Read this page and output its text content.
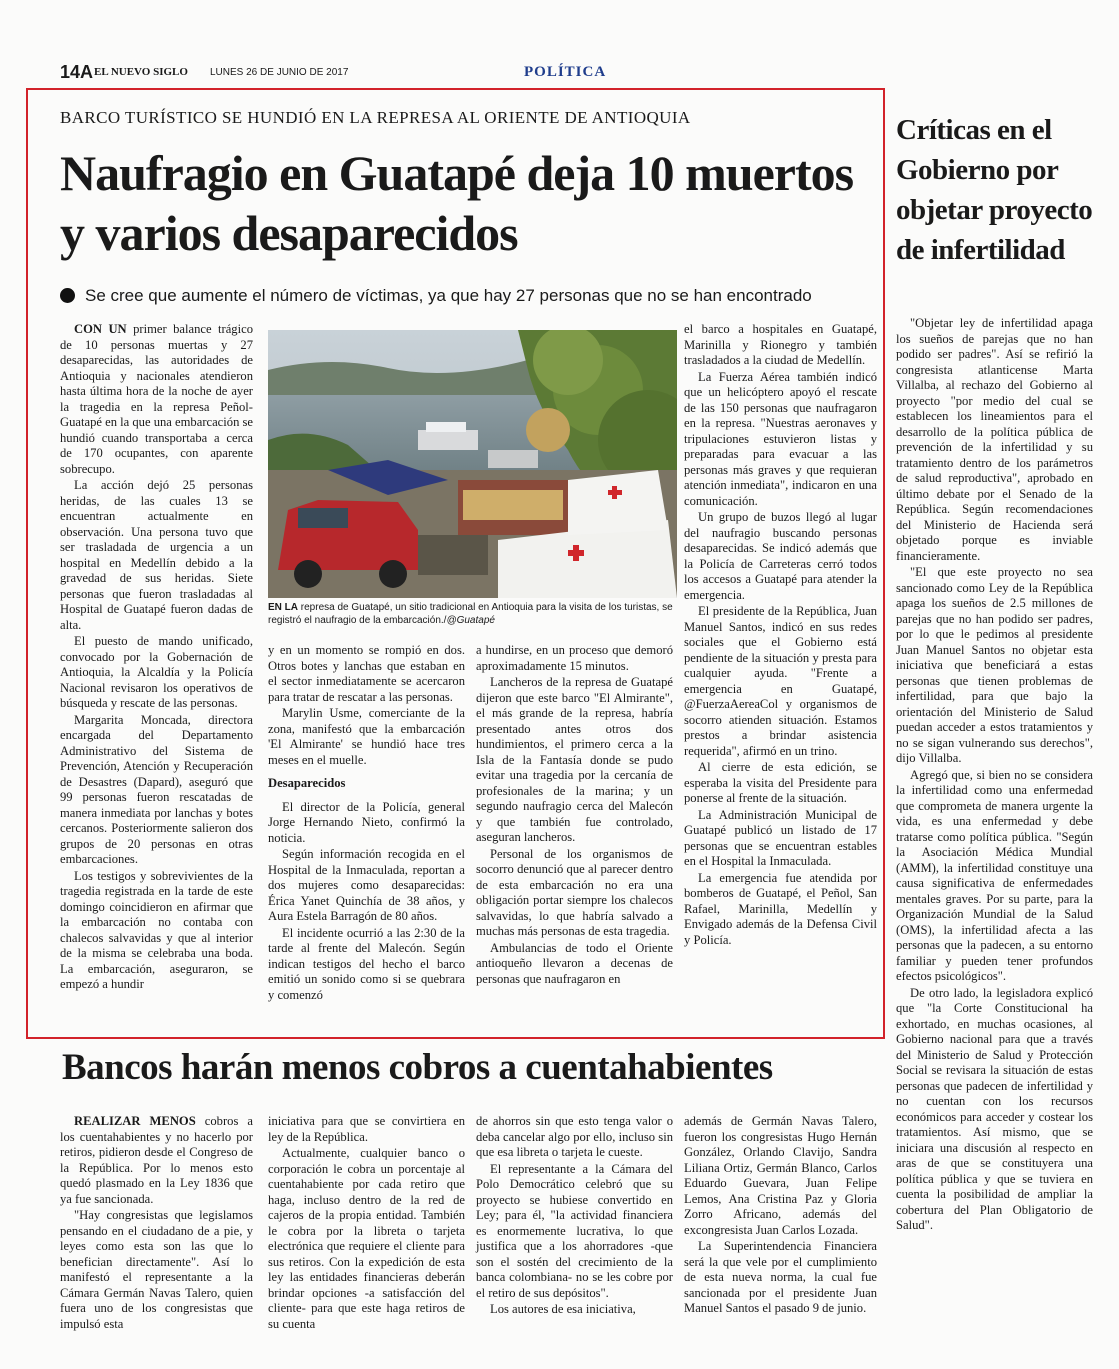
14A EL NUEVO SIGLO LUNES 26 DE JUNIO DE 2017	POLÍTICA
BARCO TURÍSTICO SE HUNDIÓ EN LA REPRESA AL ORIENTE DE ANTIOQUIA
Naufragio en Guatapé deja 10 muertos y varios desaparecidos
Se cree que aumente el número de víctimas, ya que hay 27 personas que no se han encontrado

CON UN primer balance trágico de 10 personas muertas y 27 desaparecidas, las autoridades de Antioquia y nacionales atendieron hasta última hora de la noche de ayer la tragedia en la represa Peñol-Guatapé en la que una embarcación se hundió cuando transportaba a cerca de 170 ocupantes, con aparente sobrecupo.

La acción dejó 25 personas heridas, de las cuales 13 se encuentran actualmente en observación. Una persona tuvo que ser trasladada de urgencia a un hospital en Medellín debido a la gravedad de sus heridas. Siete personas que fueron trasladadas al Hospital de Guatapé fueron dadas de alta.

El puesto de mando unificado, convocado por la Gobernación de Antioquia, la Alcaldía y la Policía Nacional revisaron los operativos de búsqueda y rescate de las personas.

Margarita Moncada, directora encargada del Departamento Administrativo del Sistema de Prevención, Atención y Recuperación de Desastres (Dapard), aseguró que 99 personas fueron rescatadas de manera inmediata por lanchas y botes cercanos. Posteriormente salieron dos grupos de 20 personas en otras embarcaciones.

Los testigos y sobrevivientes de la tragedia registrada en la tarde de este domingo coincidieron en afirmar que la embarcación no contaba con chalecos salvavidas y que al interior de la misma se celebraba una boda. La embarcación, aseguraron, se empezó a hundir

EN LA represa de Guatapé, un sitio tradicional en Antioquia para la visita de los turistas, se registró el naufragio de la embarcación./@Guatapé

y en un momento se rompió en dos. Otros botes y lanchas que estaban en el sector inmediatamente se acercaron para tratar de rescatar a las personas.

Marylin Usme, comerciante de la zona, manifestó que la embarcación 'El Almirante' se hundió hace tres meses en el muelle.

Desaparecidos

El director de la Policía, general Jorge Hernando Nieto, confirmó la noticia.

Según información recogida en el Hospital de la Inmaculada, reportan a dos mujeres como desaparecidas: Érica Yanet Quinchía de 38 años, y Aura Estela Barragón de 80 años.

El incidente ocurrió a las 2:30 de la tarde al frente del Malecón. Según indican testigos del hecho el barco emitió un sonido como si se quebrara y comenzó

a hundirse, en un proceso que demoró aproximadamente 15 minutos.

Lancheros de la represa de Guatapé dijeron que este barco "El Almirante", el más grande de la represa, habría presentado antes otros dos hundimientos, el primero cerca a la Isla de la Fantasía donde se pudo evitar una tragedia por la cercanía de profesionales de la marina; y un segundo naufragio cerca del Malecón y que también fue controlado, aseguran lancheros.

Personal de los organismos de socorro denunció que al parecer dentro de esta embarcación no era una obligación portar siempre los chalecos salvavidas, lo que habría salvado a muchas más personas de esta tragedia.

Ambulancias de todo el Oriente antioqueño llevaron a decenas de personas que naufragaron en

el barco a hospitales en Guatapé, Marinilla y Rionegro y también trasladados a la ciudad de Medellín.

La Fuerza Aérea también indicó que un helicóptero apoyó el rescate de las 150 personas que naufragaron en la represa. "Nuestras aeronaves y tripulaciones estuvieron listas y preparadas para evacuar a las personas más graves y que requieran atención inmediata", indicaron en una comunicación.

Un grupo de buzos llegó al lugar del naufragio buscando personas desaparecidas. Se indicó además que la Policía de Carreteras cerró todos los accesos a Guatapé para atender la emergencia.

El presidente de la República, Juan Manuel Santos, indicó en sus redes sociales que el Gobierno está pendiente de la situación y presta para cualquier ayuda. "Frente a emergencia en Guatapé, @FuerzaAereaCol y organismos de socorro atienden situación. Estamos prestos a brindar asistencia requerida", afirmó en un trino.

Al cierre de esta edición, se esperaba la visita del Presidente para ponerse al frente de la situación.

La Administración Municipal de Guatapé publicó un listado de 17 personas que se encuentran estables en el Hospital la Inmaculada.

La emergencia fue atendida por bomberos de Guatapé, el Peñol, San Rafael, Marinilla, Medellín y Envigado además de la Defensa Civil y Policía.

Críticas en el Gobierno por objetar proyecto de infertilidad

"Objetar ley de infertilidad apaga los sueños de parejas que no han podido ser padres". Así se refirió la congresista atlanticense Marta Villalba, al rechazo del Gobierno al proyecto "por medio del cual se establecen los lineamientos para el desarrollo de la política pública de prevención de la infertilidad y su tratamiento dentro de los parámetros de salud reproductiva", aprobado en último debate por el Senado de la República. Según recomendaciones del Ministerio de Hacienda será objetado porque es inviable financieramente.

"El que este proyecto no sea sancionado como Ley de la República apaga los sueños de 2.5 millones de parejas que no han podido ser padres, por lo que le pedimos al presidente Juan Manuel Santos no objetar esta iniciativa que beneficiará a estas personas que tienen problemas de infertilidad, para que bajo la orientación del Ministerio de Salud puedan acceder a estos tratamientos y no se sigan vulnerando sus derechos", dijo Villalba.

Agregó que, si bien no se considera la infertilidad como una enfermedad que comprometa de manera urgente la vida, es una enfermedad y debe tratarse como política pública. "Según la Asociación Médica Mundial (AMM), la infertilidad constituye una causa significativa de enfermedades mentales graves. Por su parte, para la Organización Mundial de la Salud (OMS), la infertilidad afecta a las personas que la padecen, a su entorno familiar y pueden tener profundos efectos psicológicos".

De otro lado, la legisladora explicó que "la Corte Constitucional ha exhortado, en muchas ocasiones, al Gobierno nacional para que a través del Ministerio de Salud y Protección Social se revisara la situación de estas personas que padecen de infertilidad y no cuentan con los recursos económicos para acceder y costear los tratamientos. Así mismo, que se iniciara una discusión al respecto en aras de que se constituyera una política pública y que se tuviera en cuenta la posibilidad de ampliar la cobertura del Plan Obligatorio de Salud".

Bancos harán menos cobros a cuentahabientes

REALIZAR MENOS cobros a los cuentahabientes y no hacerlo por retiros, pidieron desde el Congreso de la República. Por lo menos esto quedó plasmado en la Ley 1836 que ya fue sancionada.

"Hay congresistas que legislamos pensando en el ciudadano de a pie, y leyes como esta son las que lo benefician directamente". Así lo manifestó el representante a la Cámara Germán Navas Talero, quien fuera uno de los congresistas que impulsó esta

iniciativa para que se convirtiera en ley de la República.

Actualmente, cualquier banco o corporación le cobra un porcentaje al cuentahabiente por cada retiro que haga, incluso dentro de la red de cajeros de la propia entidad. También le cobra por la libreta o tarjeta electrónica que requiere el cliente para sus retiros. Con la expedición de esta ley las entidades financieras deberán brindar opciones -a satisfacción del cliente- para que este haga retiros de su cuenta

de ahorros sin que esto tenga valor o deba cancelar algo por ello, incluso sin que esa libreta o tarjeta le cueste.

El representante a la Cámara del Polo Democrático celebró que su proyecto se hubiese convertido en Ley; para él, "la actividad financiera es enormemente lucrativa, lo que justifica que a los ahorradores -que son el sostén del crecimiento de la banca colombiana- no se les cobre por el retiro de sus depósitos".

Los autores de esa iniciativa,

además de Germán Navas Talero, fueron los congresistas Hugo Hernán González, Orlando Clavijo, Sandra Liliana Ortiz, Germán Blanco, Carlos Eduardo Guevara, Juan Felipe Lemos, Ana Cristina Paz y Gloria Zorro Africano, además del excongresista Juan Carlos Lozada.

La Superintendencia Financiera será la que vele por el cumplimiento de esta nueva norma, la cual fue sancionada por el presidente Juan Manuel Santos el pasado 9 de junio.
